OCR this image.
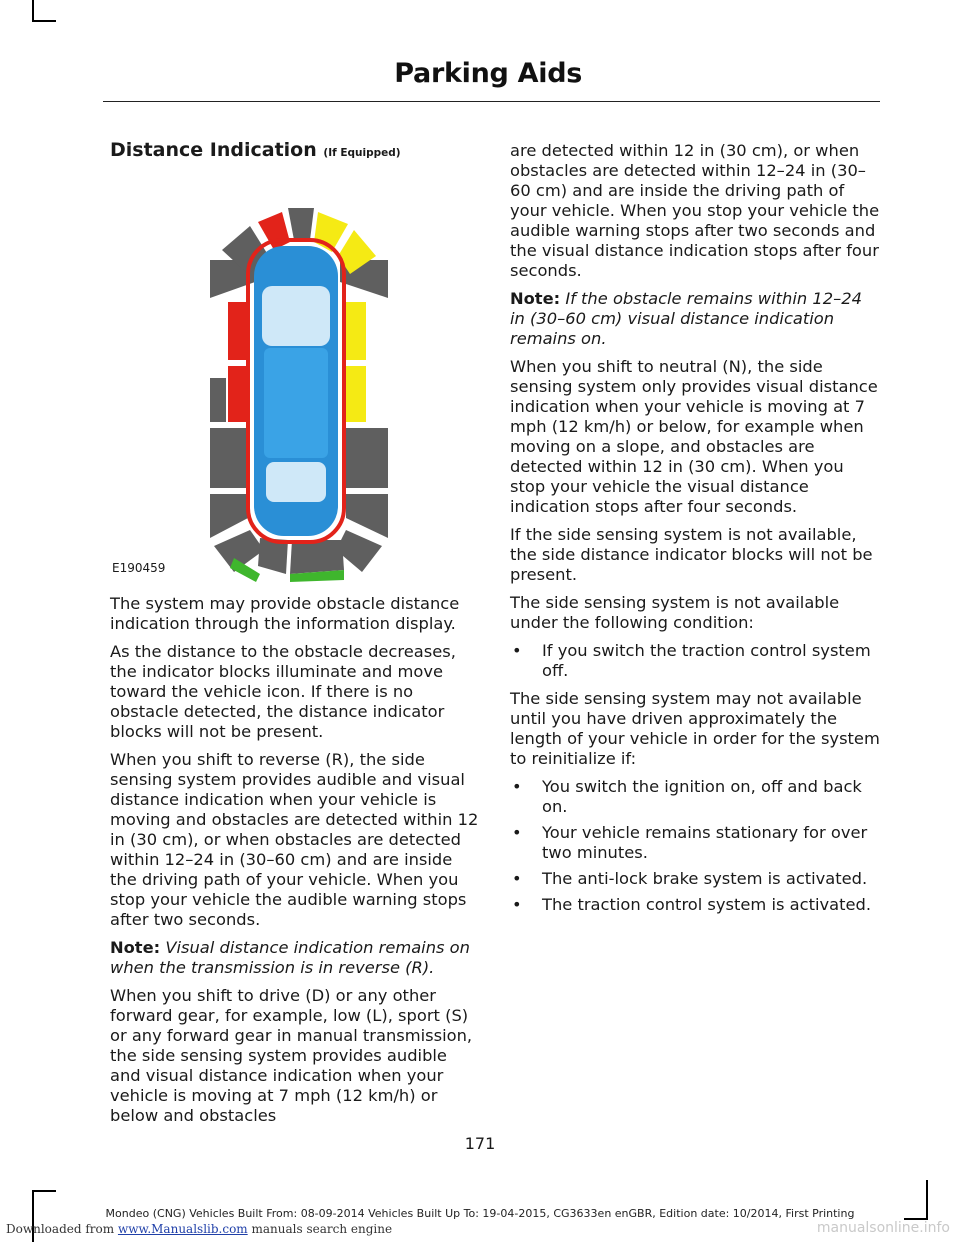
Parking Aids
Distance Indication (If Equipped)
E190459

The system may provide obstacle distance indication through the information display.

As the distance to the obstacle decreases, the indicator blocks illuminate and move toward the vehicle icon. If there is no obstacle detected, the distance indicator blocks will not be present.

When you shift to reverse (R), the side sensing system provides audible and visual distance indication when your vehicle is moving and obstacles are detected within 12 in (30 cm), or when obstacles are detected within 12–24 in (30–60 cm) and are inside the driving path of your vehicle. When you stop your vehicle the audible warning stops after two seconds.

Note: Visual distance indication remains on when the transmission is in reverse (R).

When you shift to drive (D) or any other forward gear, for example, low (L), sport (S) or any forward gear in manual transmission, the side sensing system provides audible and visual distance indication when your vehicle is moving at 7 mph (12 km/h) or below and obstacles

are detected within 12 in (30 cm), or when obstacles are detected within 12–24 in (30–60 cm) and are inside the driving path of your vehicle. When you stop your vehicle the audible warning stops after two seconds and the visual distance indication stops after four seconds.

Note: If the obstacle remains within 12–24 in (30–60 cm) visual distance indication remains on.

When you shift to neutral (N), the side sensing system only provides visual distance indication when your vehicle is moving at 7 mph (12 km/h) or below, for example when moving on a slope, and obstacles are detected within 12 in (30 cm). When you stop your vehicle the visual distance indication stops after four seconds.

If the side sensing system is not available, the side distance indicator blocks will not be present.

The side sensing system is not available under the following condition:

• If you switch the traction control system off.

The side sensing system may not available until you have driven approximately the length of your vehicle in order for the system to reinitialize if:

• You switch the ignition on, off and back on.
• Your vehicle remains stationary for over two minutes.
• The anti-lock brake system is activated.
• The traction control system is activated.
171
Mondeo (CNG) Vehicles Built From: 08-09-2014 Vehicles Built Up To: 19-04-2015, CG3633en enGBR, Edition date: 10/2014, First Printing
Downloaded from www.Manualslib.com manuals search engine	manualsonline.info
